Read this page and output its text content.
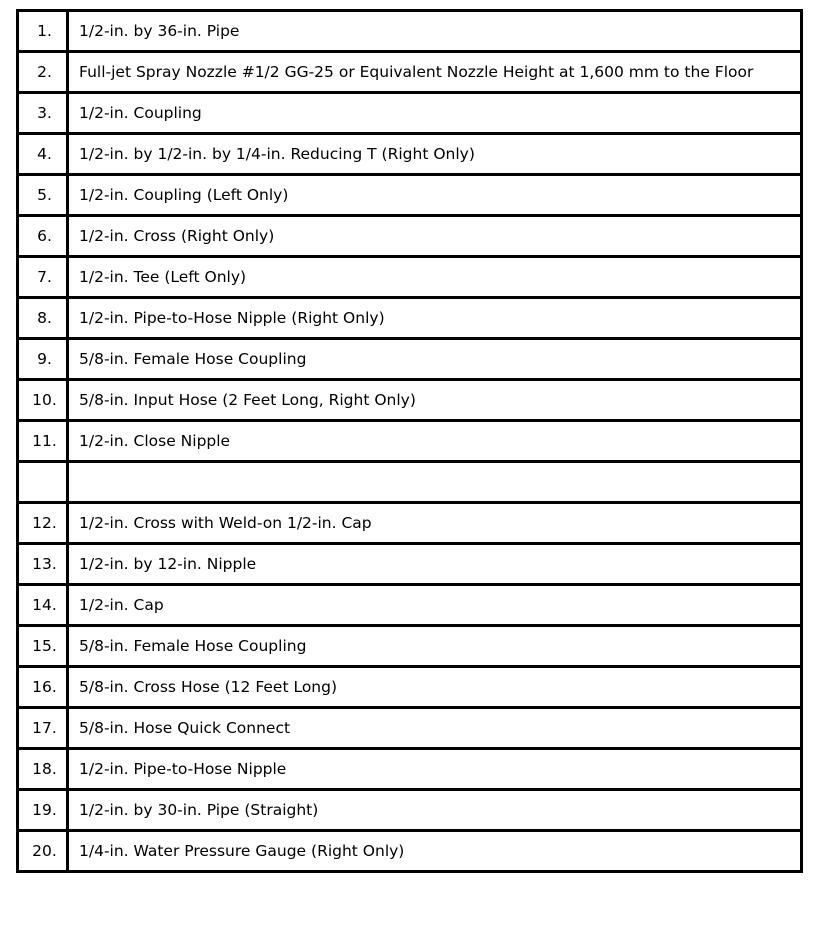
1.	1/2-in. by 36-in. Pipe
2.	Full-jet Spray Nozzle #1/2 GG-25 or Equivalent Nozzle Height at 1,600 mm to the Floor
3.	1/2-in. Coupling
4.	1/2-in. by 1/2-in. by 1/4-in. Reducing T (Right Only)
5.	1/2-in. Coupling (Left Only)
6.	1/2-in. Cross (Right Only)
7.	1/2-in. Tee (Left Only)
8.	1/2-in. Pipe-to-Hose Nipple (Right Only)
9.	5/8-in. Female Hose Coupling
10.	5/8-in. Input Hose (2 Feet Long, Right Only)
11.	1/2-in. Close Nipple

12.	1/2-in. Cross with Weld-on 1/2-in. Cap
13.	1/2-in. by 12-in. Nipple
14.	1/2-in. Cap
15.	5/8-in. Female Hose Coupling
16.	5/8-in. Cross Hose (12 Feet Long)
17.	5/8-in. Hose Quick Connect
18.	1/2-in. Pipe-to-Hose Nipple
19.	1/2-in. by 30-in. Pipe (Straight)
20.	1/4-in. Water Pressure Gauge (Right Only)
